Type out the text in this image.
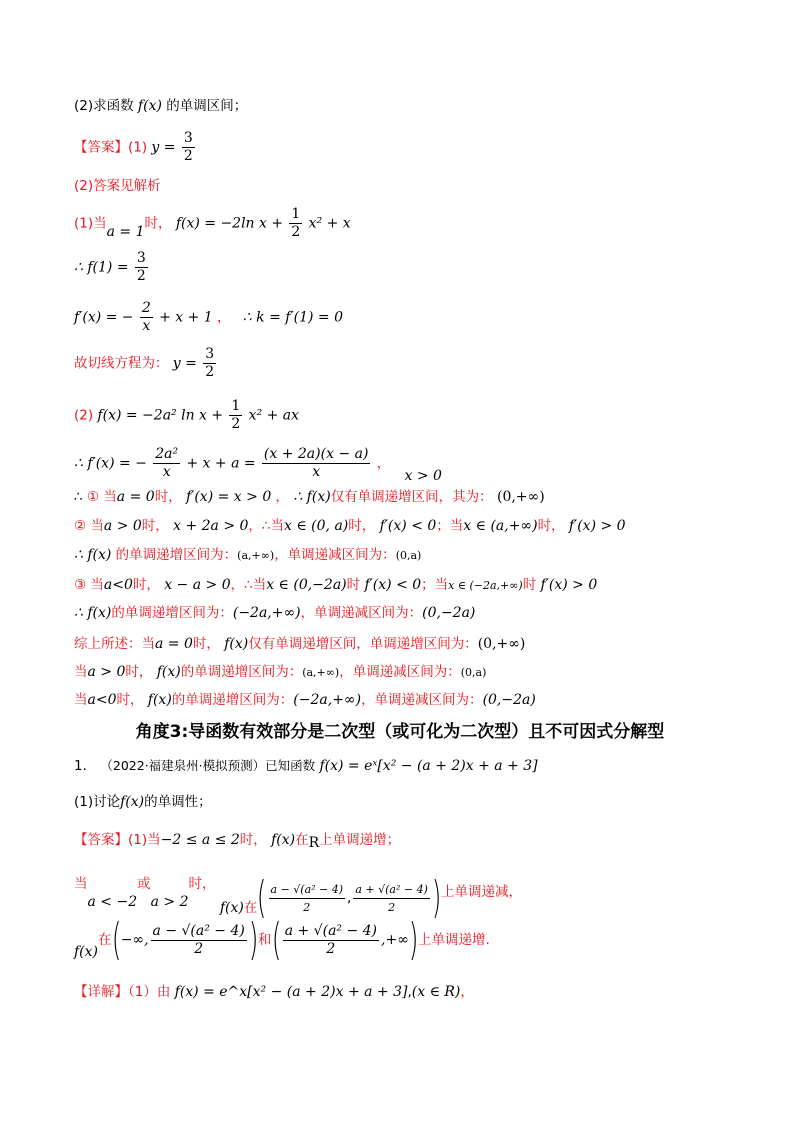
(2)求函数 f(x) 的单调区间；
【答案】(1) $y = \frac{3}{2}$
(2)答案见解析
(1)当a = 1时， f(x) = −2ln $x + \frac{1}{2} x^2 + x$
∴ $f(1) = \frac{3}{2}$
f′(x) = − $\frac{2}{x} + x + 1$ ， ∴ k = f′(1) = 0
故切线方程为： $y = \frac{3}{2}$
(2) f(x) = −2a² $\ln x + \frac{1}{2} x^2$ + ax
∴ f′(x) = − $\frac{\text{2a²}}{x} + x + a = \frac{(x + 2a)(x - a)}{x}$ ， x > 0
∴ ① 当a = 0时， f′(x) = x > 0 ， ∴ f(x)仅有单调递增区间，其为： (0,+∞)
② 当a > 0时， x + 2a > 0，∴当x ∈ (0, a)时， f′(x) < 0；当x ∈ (a,+∞)时， f′(x) > 0
∴ f(x) 的单调递增区间为：(a,+∞)，单调递减区间为：(0,a)
③ 当a<0时， x − a > 0，∴当x ∈ (0,−2a)时 f′(x) < 0；当x ∈ (−2a,+∞)时 f′(x) > 0
∴ f(x)的单调递增区间为：(−2a,+∞)，单调递减区间为：(0,−2a)
综上所述：当a = 0时， f(x)仅有单调递增区间，单调递增区间为：(0,+∞)
当a > 0时， f(x)的单调递增区间为：(a,+∞)，单调递减区间为：(0,a)
当a<0时， f(x)的单调递增区间为：(−2a,+∞)，单调递减区间为：(0,−2a)
角度3:导函数有效部分是二次型（或可化为二次型）且不可因式分解型
1． （2022·福建泉州·模拟预测）已知函数 f(x) = eˣ[x² − (a + 2)x + a + 3]
(1)讨论f(x)的单调性；
【答案】(1)当−2 ≤ a ≤ 2时， f(x)在R上单调递增；
当a < −2或a > 2时， f(x)在( $\frac{\text{a − √(a² − 4)}}{2}$ , $\frac{\text{a + √(a² − 4)}}{2}$ )上单调递减，
f(x)在(−∞, $\frac{\text{a − √(a² − 4)}}{2}$ )和( $\frac{\text{a + √(a² − 4)}}{2}$ ,+∞)上单调递增.
【详解】（1）由 f(x) = e^x[x² − (a + 2)x + a + 3],(x ∈ R)，
